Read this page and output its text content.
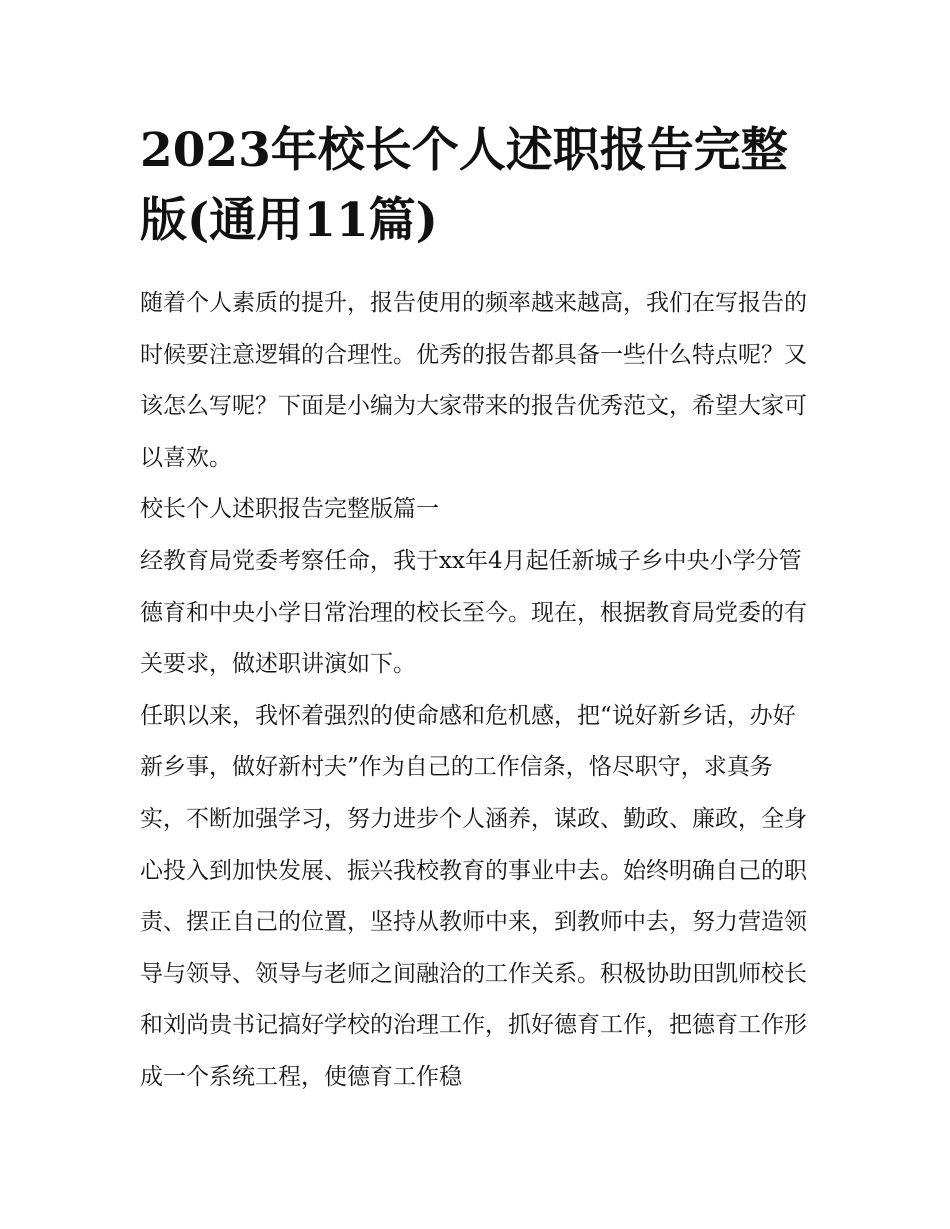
2023年校长个人述职报告完整版(通用11篇)

随着个人素质的提升，报告使用的频率越来越高，我们在写报告的时候要注意逻辑的合理性。优秀的报告都具备一些什么特点呢？又该怎么写呢？下面是小编为大家带来的报告优秀范文，希望大家可以喜欢。

校长个人述职报告完整版篇一

经教育局党委考察任命，我于xx年4月起任新城子乡中央小学分管德育和中央小学日常治理的校长至今。现在，根据教育局党委的有关要求，做述职讲演如下。

任职以来，我怀着强烈的使命感和危机感，把“说好新乡话，办好新乡事，做好新村夫”作为自己的工作信条，恪尽职守，求真务实，不断加强学习，努力进步个人涵养，谋政、勤政、廉政，全身心投入到加快发展、振兴我校教育的事业中去。始终明确自己的职责、摆正自己的位置，坚持从教师中来，到教师中去，努力营造领导与领导、领导与老师之间融洽的工作关系。积极协助田凯师校长和刘尚贵书记搞好学校的治理工作，抓好德育工作，把德育工作形成一个系统工程，使德育工作稳
